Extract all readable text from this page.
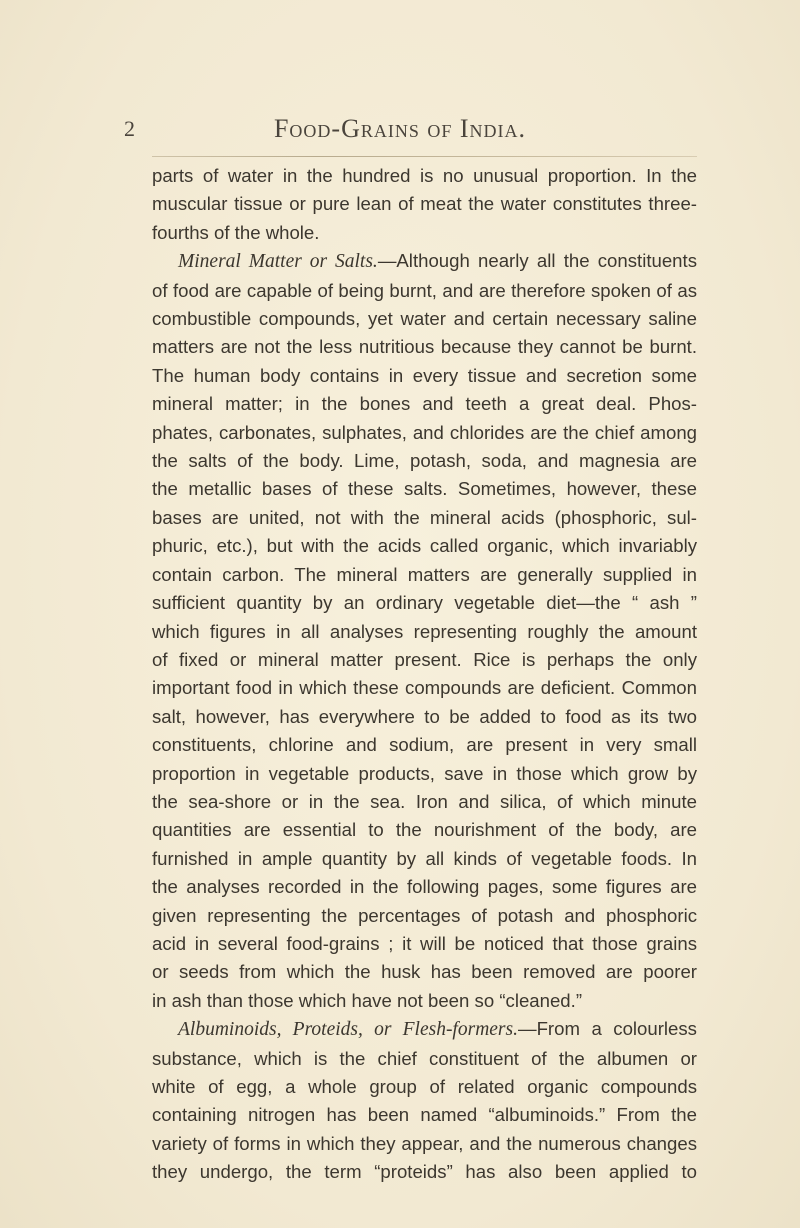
2	Food-Grains of India.

parts of water in the hundred is no unusual proportion. In the

muscular tissue or pure lean of meat the water constitutes three-

fourths of the whole.

Mineral Matter or Salts.—Although nearly all the constituents

of food are capable of being burnt, and are therefore spoken of as

combustible compounds, yet water and certain necessary saline

matters are not the less nutritious because they cannot be burnt.

The human body contains in every tissue and secretion some

mineral matter; in the bones and teeth a great deal. Phos-

phates, carbonates, sulphates, and chlorides are the chief among

the salts of the body. Lime, potash, soda, and magnesia are

the metallic bases of these salts. Sometimes, however, these

bases are united, not with the mineral acids (phosphoric, sul-

phuric, etc.), but with the acids called organic, which invariably

contain carbon. The mineral matters are generally supplied in

sufficient quantity by an ordinary vegetable diet—the “ ash ”

which figures in all analyses representing roughly the amount

of fixed or mineral matter present. Rice is perhaps the only

important food in which these compounds are deficient. Common

salt, however, has everywhere to be added to food as its two

constituents, chlorine and sodium, are present in very small

proportion in vegetable products, save in those which grow by

the sea-shore or in the sea. Iron and silica, of which minute

quantities are essential to the nourishment of the body, are

furnished in ample quantity by all kinds of vegetable foods. In

the analyses recorded in the following pages, some figures are

given representing the percentages of potash and phosphoric

acid in several food-grains ; it will be noticed that those grains

or seeds from which the husk has been removed are poorer

in ash than those which have not been so “cleaned.”

Albuminoids, Proteids, or Flesh-formers.—From a colourless

substance, which is the chief constituent of the albumen or

white of egg, a whole group of related organic compounds

containing nitrogen has been named “albuminoids.” From the

variety of forms in which they appear, and the numerous changes

they undergo, the term “proteids” has also been applied to
